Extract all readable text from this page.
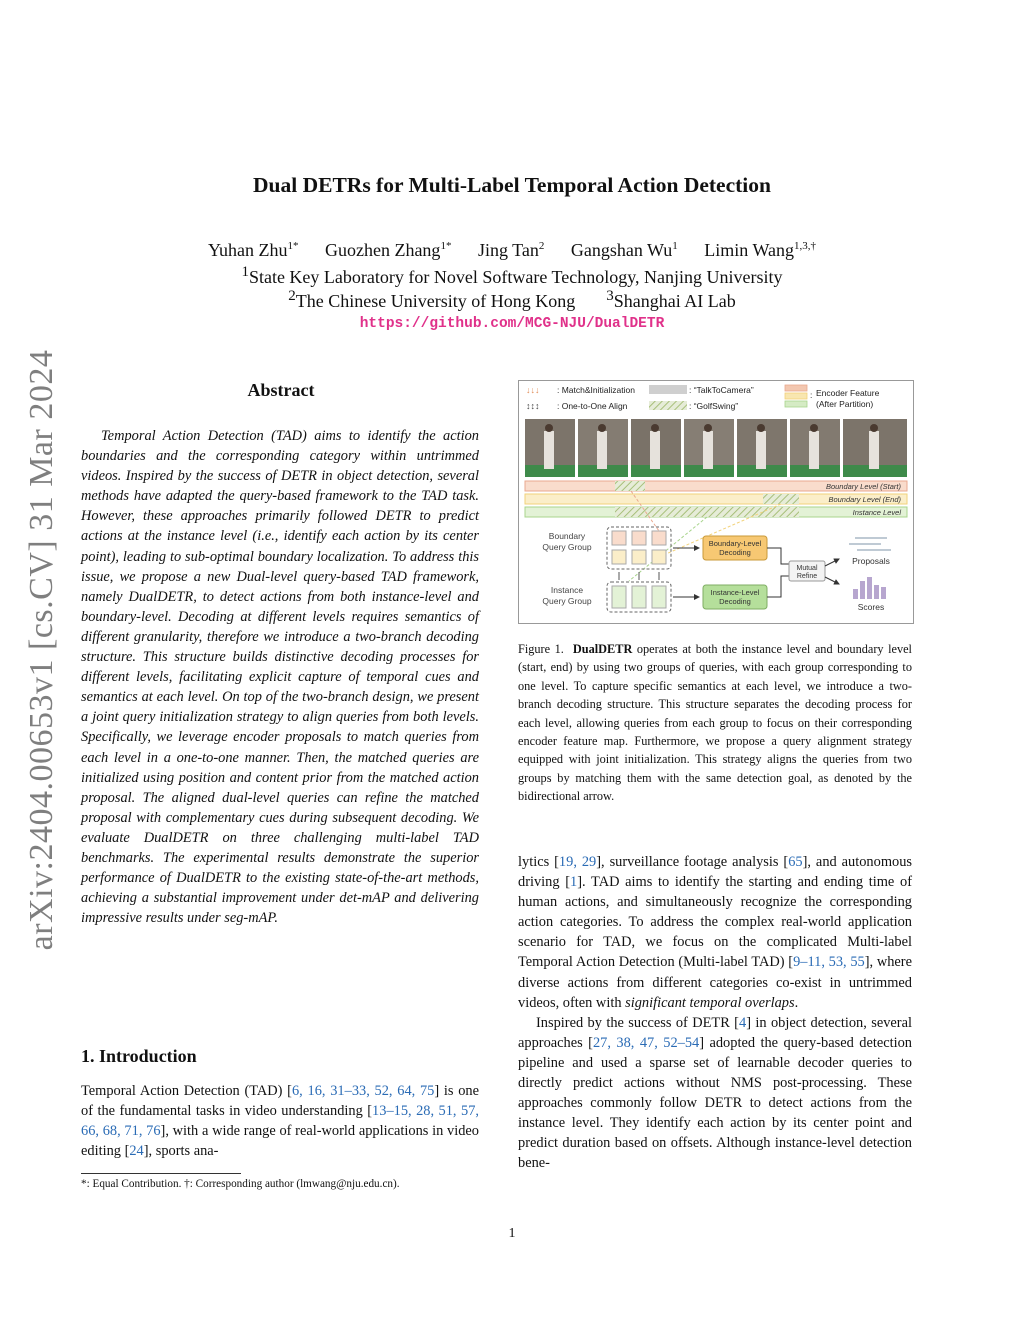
arXiv:2404.00653v1 [cs.CV] 31 Mar 2024
Dual DETRs for Multi-Label Temporal Action Detection
Yuhan Zhu$^{1*}$ Guozhen Zhang$^{1*}$ Jing Tan$^2$ Gangshan Wu$^1$ Limin Wang$^{1,3,\dagger}$
$^1$State Key Laboratory for Novel Software Technology, Nanjing University
$^2$The Chinese University of Hong Kong $^3$Shanghai AI Lab
https://github.com/MCG-NJU/DualDETR
Abstract

Temporal Action Detection (TAD) aims to identify the action boundaries and the corresponding category within untrimmed videos. Inspired by the success of DETR in object detection, several methods have adapted the query-based framework to the TAD task. However, these approaches primarily followed DETR to predict actions at the instance level (i.e., identify each action by its center point), leading to sub-optimal boundary localization. To address this issue, we propose a new Dual-level query-based TAD framework, namely DualDETR, to detect actions from both instance-level and boundary-level. Decoding at different levels requires semantics of different granularity, therefore we introduce a two-branch decoding structure. This structure builds distinctive decoding processes for different levels, facilitating explicit capture of temporal cues and semantics at each level. On top of the two-branch design, we present a joint query initialization strategy to align queries from both levels. Specifically, we leverage encoder proposals to match queries from each level in a one-to-one manner. Then, the matched queries are initialized using position and content prior from the matched action proposal. The aligned dual-level queries can refine the matched proposal with complementary cues during subsequent decoding. We evaluate DualDETR on three challenging multi-label TAD benchmarks. The experimental results demonstrate the superior performance of DualDETR to the existing state-of-the-art methods, achieving a substantial improvement under det-mAP and delivering impressive results under seg-mAP.

1. Introduction

Temporal Action Detection (TAD) [6, 16, 31–33, 52, 64, 75] is one of the fundamental tasks in video understanding [13–15, 28, 51, 57, 66, 68, 71, 76], with a wide range of real-world applications in video editing [24], sports ana-

*: Equal Contribution. †: Corresponding author (lmwang@nju.edu.cn).
↓↓↓ : Match&Initialization
↕↕↕ : One-to-One Align
: “TalkToCamera”
: “GolfSwing”
: Encoder Feature
(After Partition)
Boundary Level (Start)
Boundary Level (End)
Instance Level
Boundary
Query Group
Instance
Query Group
Boundary-Level
Decoding
Instance-Level
Decoding
Mutual
Refine
Proposals
Scores

Figure 1. DualDETR operates at both the instance level and boundary level (start, end) by using two groups of queries, with each group corresponding to one level. To capture specific semantics at each level, we introduce a two-branch decoding structure. This structure separates the decoding process for each level, allowing queries from each group to focus on their corresponding encoder feature map. Furthermore, we propose a query alignment strategy equipped with joint initialization. This strategy aligns the queries from two groups by matching them with the same detection goal, as denoted by the bidirectional arrow.

lytics [19, 29], surveillance footage analysis [65], and autonomous driving [1]. TAD aims to identify the starting and ending time of human actions, and simultaneously recognize the corresponding action categories. To address the complex real-world application scenario for TAD, we focus on the complicated Multi-label Temporal Action Detection (Multi-label TAD) [9–11, 53, 55], where diverse actions from different categories co-exist in untrimmed videos, often with significant temporal overlaps.

Inspired by the success of DETR [4] in object detection, several approaches [27, 38, 47, 52–54] adopted the query-based detection pipeline and used a sparse set of learnable decoder queries to directly predict actions without NMS post-processing. These approaches commonly follow DETR to detect actions from the instance level. They identify each action by its center point and predict duration based on offsets. Although instance-level detection bene-

1
